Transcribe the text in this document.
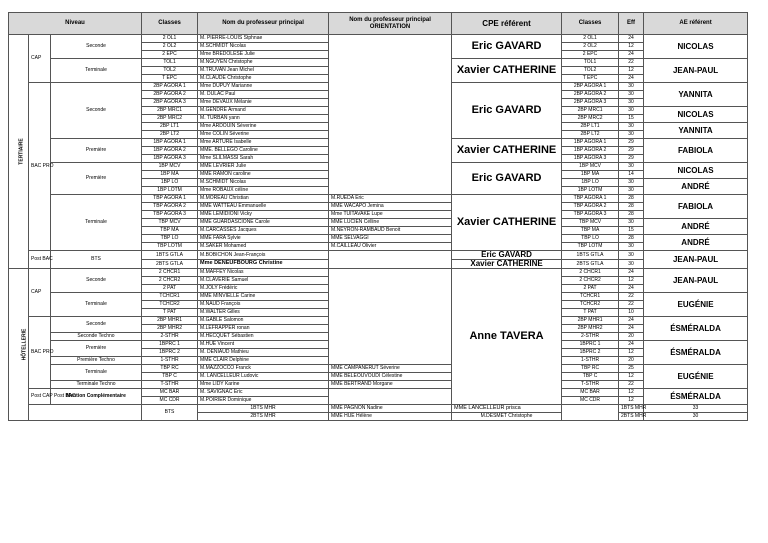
Niveau			Classes	Nom du professeur principal	Nom du professeur principal ORIENTATION	CPE référent	Classes	Eff	AE référent	
TERTIAIRE	CAP	Seconde	2 OL1	M. PIERRE-LOUIS Stphnae		Eric GAVARD	2 OL1	24	NICOLAS	
			2 OL2	M.SCHMIDT Nicolas			2 OL2	12		
			2 EPC	Mme BREDOLESE Julie			2 EPC	24		
		Terminale	TOL1	M.NGUYEN Christophe		Xavier CATHERINE	TOL1	22	JEAN-PAUL	
			TOL2	M.TRUVAN Jean Michel			TOL2	12		
			T EPC	M.CLAUDE Christophe			T EPC	24		
	BAC PRO	Seconde	2BP AGORA 1	Mme DUPUY Marianne		Eric GAVARD	2BP AGORA 1	30	YANNITA	
			2BP AGORA 2	M. DULAC Paul			2BP AGORA 2	30		
			2BP AGORA 3	Mme DEVAUX Mélanie			2BP AGORA 3	30		
			2BP MRC1	M.GENDRE Armand			2BP MRC1	30	NICOLAS	
			2BP MRC2	M. TURBAN yann			2BP MRC2	15		
			2BP LT1	Mme ARDOUIN Séverine			2BP LT1	30	YANNITA	
			2BP LT2	Mme COLIN Séverine			2BP LT2	30		
		Première	1BP AGORA 1	Mme ARTURE Isabelle		Xavier CATHERINE	1BP AGORA 1	29	FABIOLA	
			1BP AGORA 2	MME. BELLEGO Caroline			1BP AGORA 2	29		
			1BP AGORA 3	Mme SLILMASSI Sarah			1BP AGORA 3	29		
		Première	1BP MCV	MME LEVRIER Julie		Eric GAVARD	1BP MCV	30	NICOLAS	
			1BP MA	MME RAMON caroline			1BP MA	14		
			1BP LO	M.SCHMIDT Nicolas			1BP LO	30	ANDRÉ	
			1BP LOTM	Mme ROBAUX céline			1BP LOTM	30		
		Terminale	TBP AGORA 1	M.MOREAU Christian	M.RUEDA Eric	Xavier CATHERINE	TBP AGORA 1	28	FABIOLA	
			TBP AGORA 2	MME WATTEAU Emmanuelle	MME WACAPO Jemina		TBP AGORA 2	28		
			TBP AGORA 3	MME LEMIDIONI Vicky	Mme TUITAVAKE Lupe		TBP AGORA 3	28		
			TBP MCV	MME GUARDASCIONE Carole	MME LUCIEN Célline		TBP MCV	30	ANDRÉ	
			TBP MA	M.CARCASSES Jacques	M.NEYRON-RAMBAUD Benoit		TBP MA	15		
			TBP LO	MME FARA Sylvie	MME SELVAGGI		TBP LO	28	ANDRÉ	
			TBP LOTM	M.SAKER Mohamed	M.CAILLEAU Olivier		TBP LOTM	30		
	Post BAC	BTS	1BTS GTLA	M.BOBICHON Jean-François		Eric GAVARD	1BTS GTLA	30	JEAN-PAUL	
			2BTS GTLA	Mme DENEUFBOURG Christine		Xavier CATHERINE	2BTS GTLA	30		
HÔTELLERIE	CAP	Seconde	2 CHCR1	M.MAFFEY Nicolas		Anne TAVERA	2 CHCR1	24	JEAN-PAUL	
			2 CHCR2	M.CLAVERIE Samuel			2 CHCR2	12		
			2 PAT	M.JOLY Frédéric			2 PAT	24		
		Terminale	TCHCR1	MME MINVIELLE Carine			TCHCR1	22	EUGÉNIE	
			TCHCR2	M.NAUD François			TCHCR2	22		
			T PAT	M.WALTER Gilles			T PAT	10		
	BAC PRO	Seconde	2BP MHR1	M.GABLE Salomon			2BP MHR1	24	ÉSMÉRALDA	
			2BP MHR2	M.LEFRAPPER ronan			2BP MHR2	24		
		Seconde Techno	2-STHR	M.HECQUET Sébastien			2-STHR	20		
		Première	1BPRC 1	M.HUE Vincent			1BPRC 1	24	ÉSMÉRALDA	
			1BPRC 2	M. DENIAUD Mathieu			1BPRC 2	12		
		Première Techno	1-STHR	MME CLAIR Delphine			1-STHR	20		
		Terminale	TBP RC	M.MAZZOCCO Franck	MME CAMPANERUT Séverine		TBP RC	25	EUGÉNIE	
			TBP C	M. LANCELLEUR Ludovic	MME BELEOUVOUDI Célestine		TBP C	12		
		Terminale Techno	T-STHR	Mme LIDY Karine	MME BERTRAND Morgane		T-STHR	22		
	Post CAP Post BAC	Mention Complémentaire	MC BAR	M. SAVIGNAC Eric			MC BAR	12	ÉSMÉRALDA	
			MC CDR	M.POIRIER Dominique			MC CDR	12		
			BTS	1BTS MHR	MME PAGNON Nadine	MME LANCELLEUR prisca		1BTS MHR	33	
				2BTS MHR	MME HUE Hélène	M.DESMET Christophe		2BTS MHR	30	
